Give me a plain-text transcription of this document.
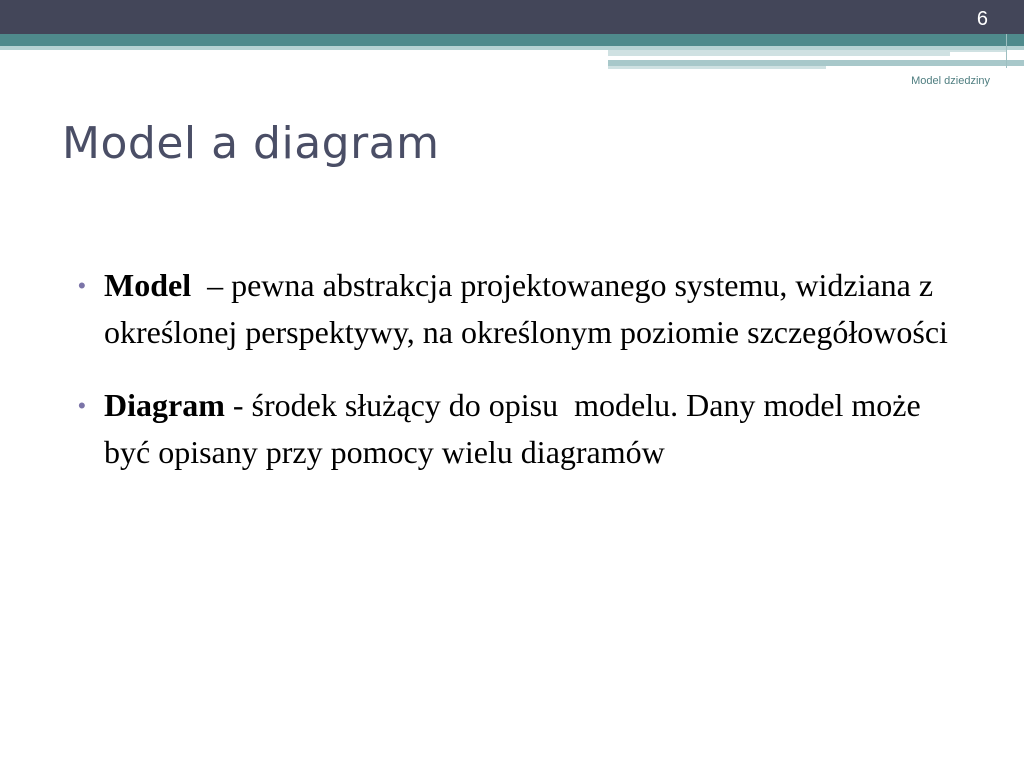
6
Model dziedziny
Model a diagram
• Model  – pewna abstrakcja projektowanego systemu, widziana z określonej perspektywy, na określonym poziomie szczegółowości
• Diagram - środek służący do opisu  modelu. Dany model może być opisany przy pomocy wielu diagramów
